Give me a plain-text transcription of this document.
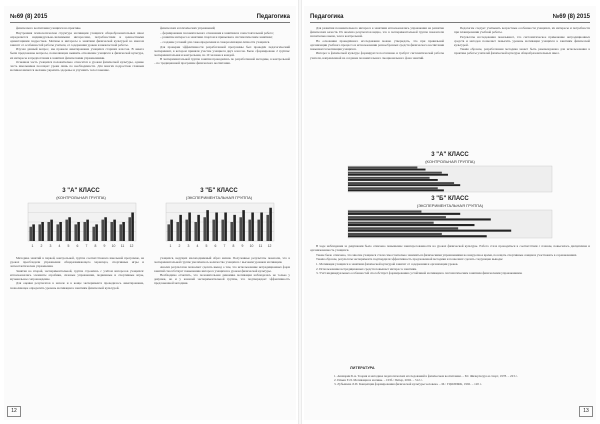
№69 (8) 2015	Педагогика

физического воспитания учащихся на практике.

Внутренняя психологическая структура мотивации учащихся общеобразовательных школ определяется индивидуально‑значимыми интересами, потребностями и ценностными ориентациями подростков. Мотивы и интересы к занятиям физической культурой во многом зависят от особенностей работы учителя, от содержания уроков и внеклассной работы.

Изучая данный вопрос, мы провели анкетирование учащихся старших классов. В анкете были предложены вопросы, позволяющие выявить отношение учащихся к физической культуре, их интересы и предпочтения в занятиях физическими упражнениями.

Основная часть учащихся положительно относится к урокам физической культуры, однако часть школьников посещает уроки лишь по необходимости. Для многих подростков главным мотивом является желание укрепить здоровье и улучшить телосложение.

физических и психических упражнений;

– формирование положительного отношения к занятиям и самостоятельной работе;

– развитие интереса к занятиям спортом и привычки к систематическим занятиям;

– создание условий для самоопределения и самореализации личности учащихся.

Для проверки эффективности разработанной программы был проведён педагогический эксперимент, в котором приняли участие учащиеся двух классов. Было сформировано 2 группы: экспериментальная и контрольная, по 10 человек в каждой.

В экспериментальной группе занятия проводились по разработанной методике, в контрольной – по традиционной программе физического воспитания.

3 "А" КЛАСС
(КОНТРОЛЬНАЯ ГРУППА)
1 2 3 4 5 6 7 8 9 10 11 12
3 "Б" КЛАСС
(ЭКСПЕРИМЕНТАЛЬНАЯ ГРУППА)
1 2 3 4 5 6 7 8 9 10 11 12

Методика занятий в первой, контрольной, группе соответствовала школьной программе, на уроках преобладали упражнения общеразвивающего характера, спортивные игры и легкоатлетические упражнения.

Занятия во второй, экспериментальной, группе строились с учётом интересов учащихся: использовались элементы аэробики, силовые упражнения, подвижные и спортивные игры, музыкальное сопровождение.

Для оценки результатов в начале и в конце эксперимента проводилось анкетирование, позволяющее определить уровень мотивации к занятиям физической культурой.

учащихся, ведущих малоподвижный образ жизни. Полученные результаты показали, что в экспериментальной группе увеличилось количество учащихся с высоким уровнем мотивации.

Анализ результатов позволяет сделать вывод о том, что использование нетрадиционных форм занятий способствует повышению интереса учащихся к урокам физической культуры.

Необходимо отметить, что положительная динамика мотивации наблюдалась не только у девушек, но и у юношей экспериментальной группы, что подтверждает эффективность предложенной методики.

12
Педагогика	№69 (8) 2015

Для развития познавательного интереса к занятиям использовались упражнения на развитие физических качеств. Из анализа результатов видно, что в экспериментальной группе показатели значительно выше, чем в контрольной.

На основании проведённого исследования можно утверждать, что при правильной организации учебного процесса и использовании разнообразных средств физического воспитания повышается мотивация учащихся.

Интерес к физической культуре формируется постепенно и требует систематической работы учителя, направленной на создание положительного эмоционального фона занятий.

Педагогам следует учитывать возрастные особенности учащихся, их интересы и потребности при планировании учебной работы.

Результаты исследования показывают, что систематическое применение нетрадиционных средств и методов позволяет повысить уровень мотивации учащихся к занятиям физической культурой.

Таким образом, разработанная методика может быть рекомендована для использования в практике работы учителей физической культуры общеобразовательных школ.

3 "А" КЛАСС
(КОНТРОЛЬНАЯ ГРУППА)
3 "Б" КЛАСС
(ЭКСПЕРИМЕНТАЛЬНАЯ ГРУППА)

В ходе наблюдения за девушками было отмечено повышение заинтересованности на уроках физической культуры. Работа стала проводиться в соответствии с планом, повысилась дисциплина и организованность учащихся.

Также было отмечено, что многие учащиеся стали самостоятельно заниматься физическими упражнениями во внеурочное время, посещать спортивные секции и участвовать в соревнованиях.

Таким образом, результаты эксперимента подтвердили эффективность предложенной методики и позволяют сделать следующие выводы:

1. Мотивация учащихся к занятиям физической культурой зависит от содержания и организации уроков.

2. Использование нетрадиционных средств повышает интерес к занятиям.

3. Учёт индивидуальных особенностей способствует формированию устойчивой мотивации к систематическим занятиям физическими упражнениями.

ЛИТЕРАТУРА
1. Ашмарин Б.А. Теория и методика педагогических исследований в физическом воспитании. – М.: Физкультура и спорт, 1978. – 223 с.
2. Ильин Е.П. Мотивация и мотивы. – СПб.: Питер, 2002. – 512 с.
3. Лубышева Л.И. Концепция формирования физической культуры человека. – М.: ГЦОЛИФК, 1992. – 120 с.
13
